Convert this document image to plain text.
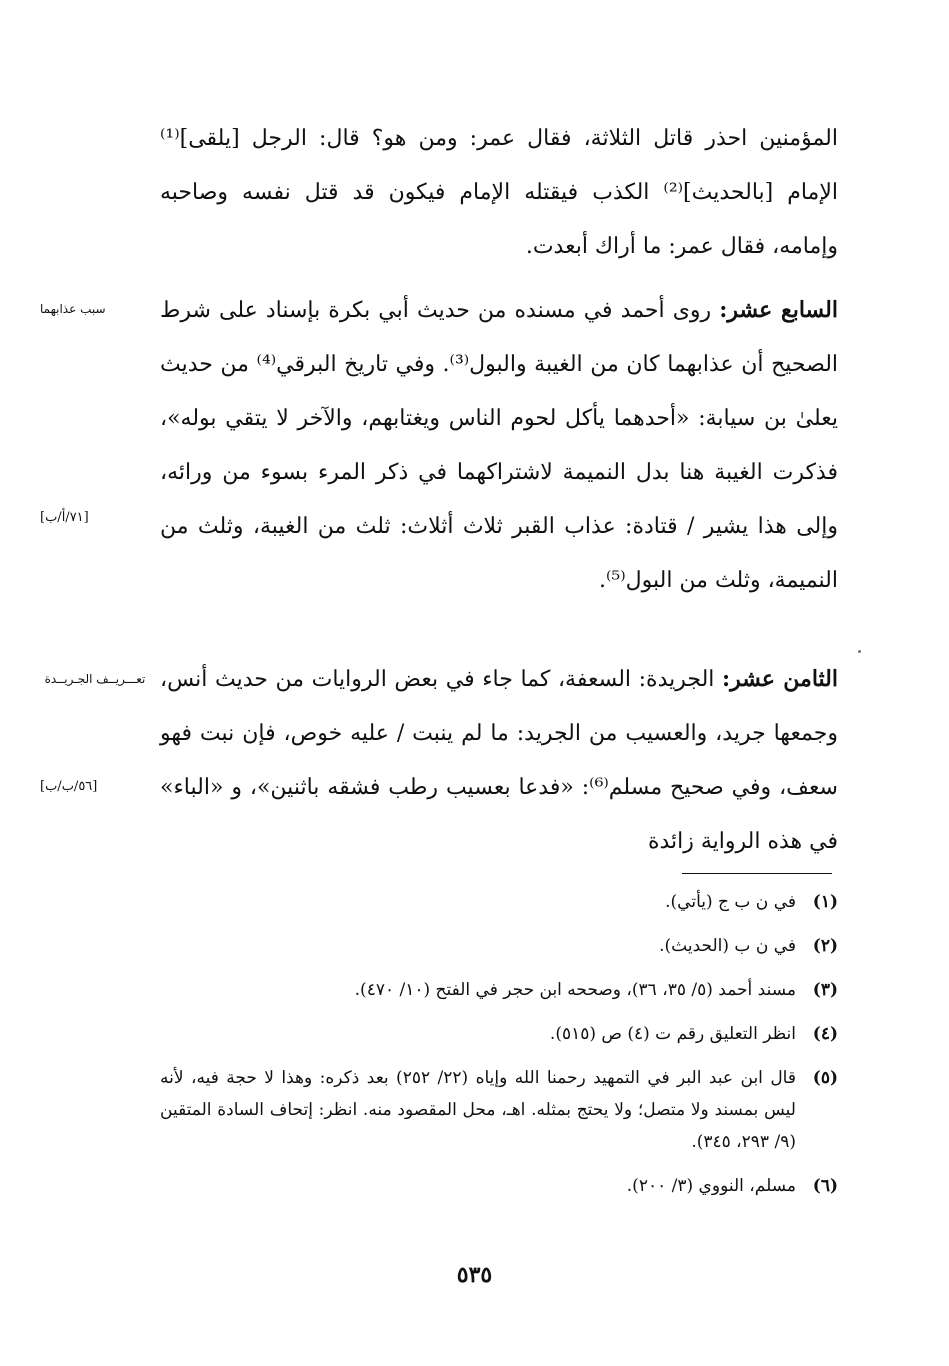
المؤمنين احذر قاتل الثلاثة، فقال عمر: ومن هو؟ قال: الرجل [يلقى]⁽¹⁾ الإمام [بالحديث]⁽²⁾ الكذب فيقتله الإمام فيكون قد قتل نفسه وصاحبه وإمامه، فقال عمر: ما أراك أبعدت.

السابع عشر: روى أحمد في مسنده من حديث أبي بكرة بإسناد على شرط الصحيح أن عذابهما كان من الغيبة والبول⁽³⁾. وفي تاريخ البرقي⁽⁴⁾ من حديث يعلىٰ بن سيابة: «أحدهما يأكل لحوم الناس ويغتابهم، والآخر لا يتقي بوله»، فذكرت الغيبة هنا بدل النميمة لاشتراكهما في ذكر المرء بسوء من ورائه، وإلى هذا يشير / قتادة: عذاب القبر ثلاث أثلاث: ثلث من الغيبة، وثلث من النميمة، وثلث من البول⁽⁵⁾.

الثامن عشر: الجريدة: السعفة، كما جاء في بعض الروايات من حديث أنس، وجمعها جريد، والعسيب من الجريد: ما لم ينبت / عليه خوص، فإن نبت فهو سعف، وفي صحيح مسلم⁽⁶⁾: «فدعا بعسيب رطب فشقه باثنين»، و «الباء» في هذه الرواية زائدة

سبب عذابهما
[٧١/أ/ب]
تعـــريــف الجـريــدة
[٥٦/ب/ب]
(١)
في ن ب ج (يأتي).
(٢)
في ن ب (الحديث).
(٣)
مسند أحمد (٥/ ٣٥، ٣٦)، وصححه ابن حجر في الفتح (١٠/ ٤٧٠).
(٤)
انظر التعليق رقم ت (٤) ص (٥١٥).
(٥)
قال ابن عبد البر في التمهيد رحمنا الله وإياه (٢٢/ ٢٥٢) بعد ذكره: وهذا لا حجة فيه، لأنه ليس بمسند ولا متصل؛ ولا يحتج بمثله. اهـ، محل المقصود منه. انظر: إتحاف السادة المتقين (٩/ ٢٩٣، ٣٤٥).
(٦)
مسلم، النووي (٣/ ٢٠٠).
٥٣٥
